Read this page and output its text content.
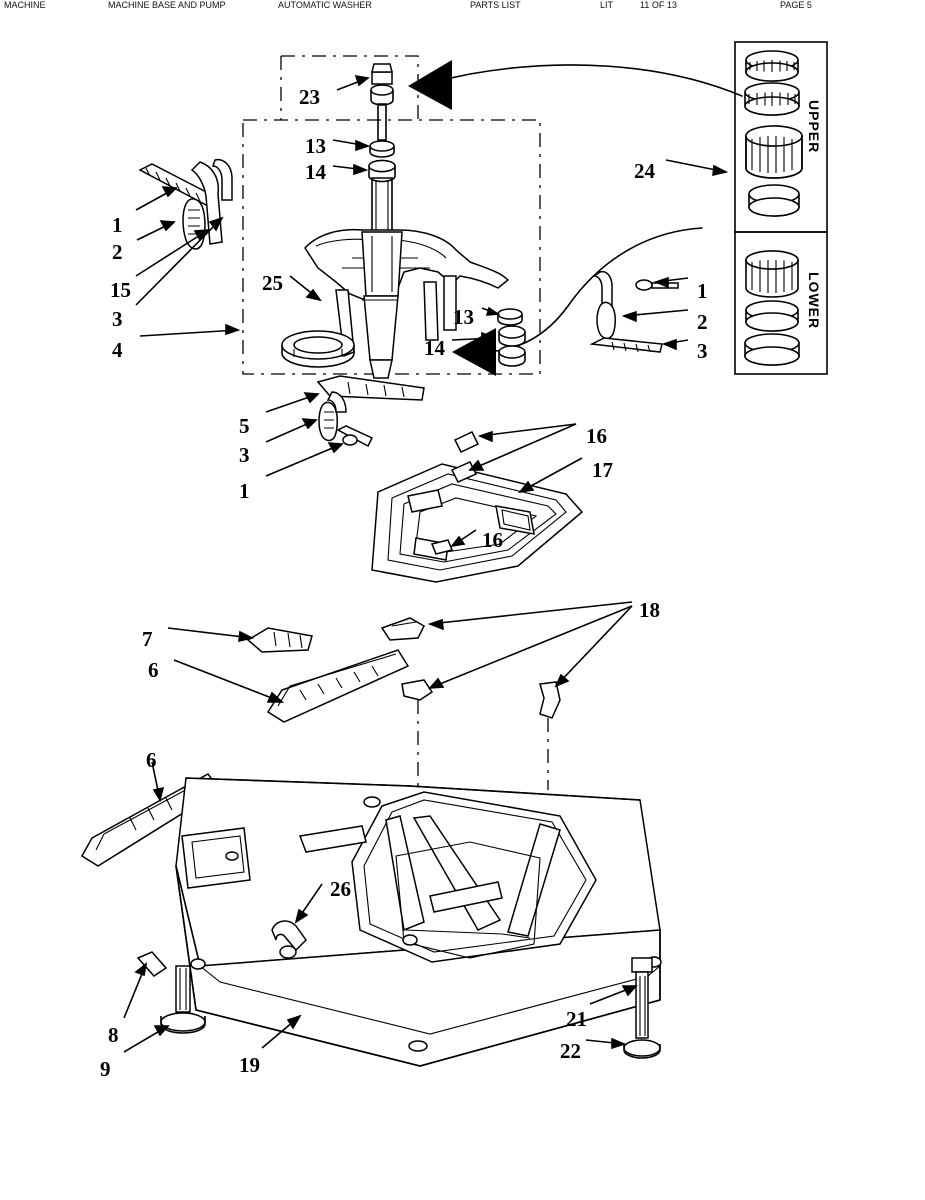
MACHINE	MACHINE BASE AND PUMP	AUTOMATIC WASHER	PARTS LIST	LIT	11 OF 13	PAGE 5
23
13
14
1
2
15
3
4
25
24
13
14
1
2
3
5
3
1
16
17
16
18
7
6
6
26
8
9	19
21
22
UPPER
LOWER
